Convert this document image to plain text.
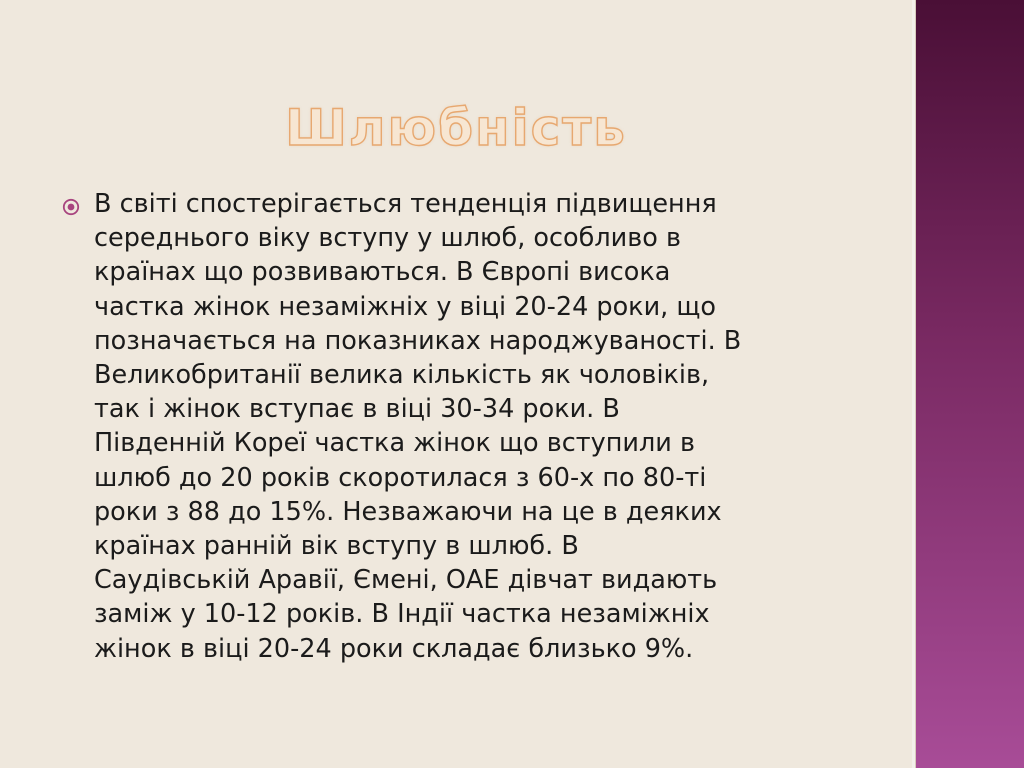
Шлюбність

В світі спостерігається тенденція підвищення
середнього віку вступу у шлюб, особливо в
країнах що розвиваються. В Європі висока
частка жінок незаміжніх у віці 20-24 роки, що
позначається на показниках народжуваності. В
Великобританії велика кількість як чоловіків,
так і жінок вступає в віці 30-34 роки. В
Південній Кореї частка жінок що вступили в
шлюб до 20 років скоротилася з 60-х по 80-ті
роки з 88 до 15%. Незважаючи на це в деяких
країнах ранній вік вступу в шлюб. В
Саудівській Аравії, Ємені, ОАЕ дівчат видають
заміж у 10-12 років. В Індії частка незаміжніх
жінок в віці 20-24 роки складає близько 9%.
